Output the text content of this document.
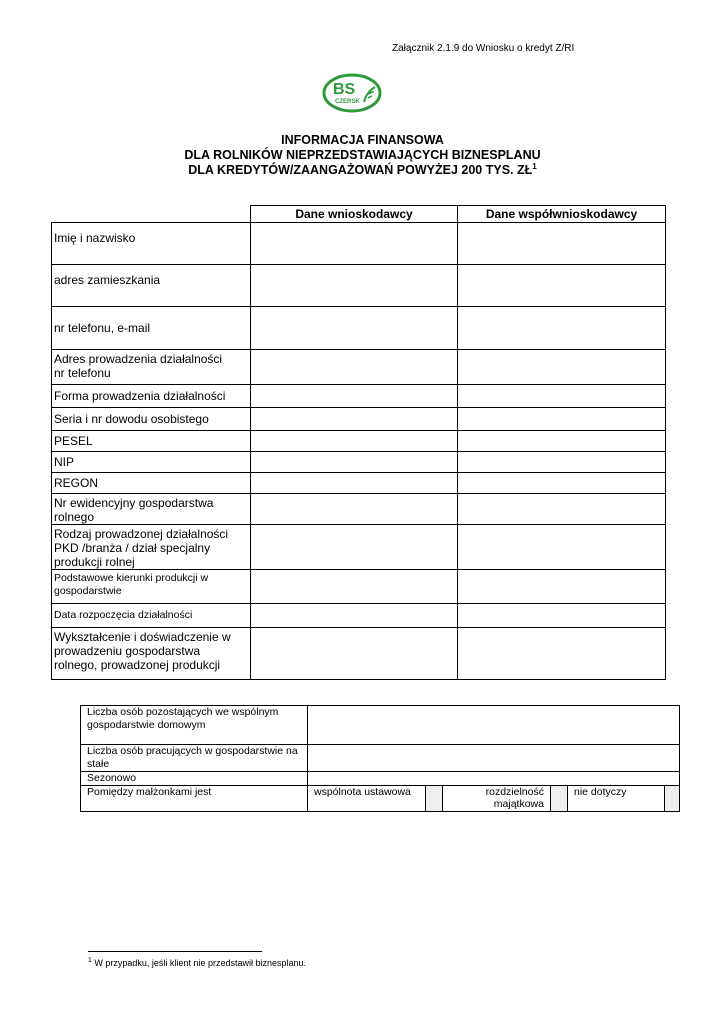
Załącznik 2.1.9 do Wniosku o kredyt Z/RI
BS
CZERSK
INFORMACJA FINANSOWA
DLA ROLNIKÓW NIEPRZEDSTAWIAJĄCYCH BIZNESPLANU
DLA KREDYTÓW/ZAANGAŻOWAŃ POWYŻEJ 200 TYS. $ZŁ^1$
	Dane wnioskodawcy	Dane współwnioskodawcy
Imię i nazwisko		
adres zamieszkania		
nr telefonu, e-mail		
Adres prowadzenia działalności nr telefonu		
Forma prowadzenia działalności		
Seria i nr dowodu osobistego		
PESEL		
NIP		
REGON		
Nr ewidencyjny gospodarstwa rolnego		
Rodzaj prowadzonej działalności PKD /branża / dział specjalny produkcji rolnej		
Podstawowe kierunki produkcji w gospodarstwie		
Data rozpoczęcia działalności		
Wykształcenie i doświadczenie w prowadzeniu gospodarstwa rolnego, prowadzonej produkcji		
Liczba osób pozostających we wspólnym gospodarstwie domowym						
Liczba osób pracujących w gospodarstwie na stałe						
Sezonowo						
Pomiędzy małżonkami jest	wspólnota ustawowa		rozdzielność majątkowa		nie dotyczy	
$^1$ W przypadku, jeśli klient nie przedstawił biznesplanu.
